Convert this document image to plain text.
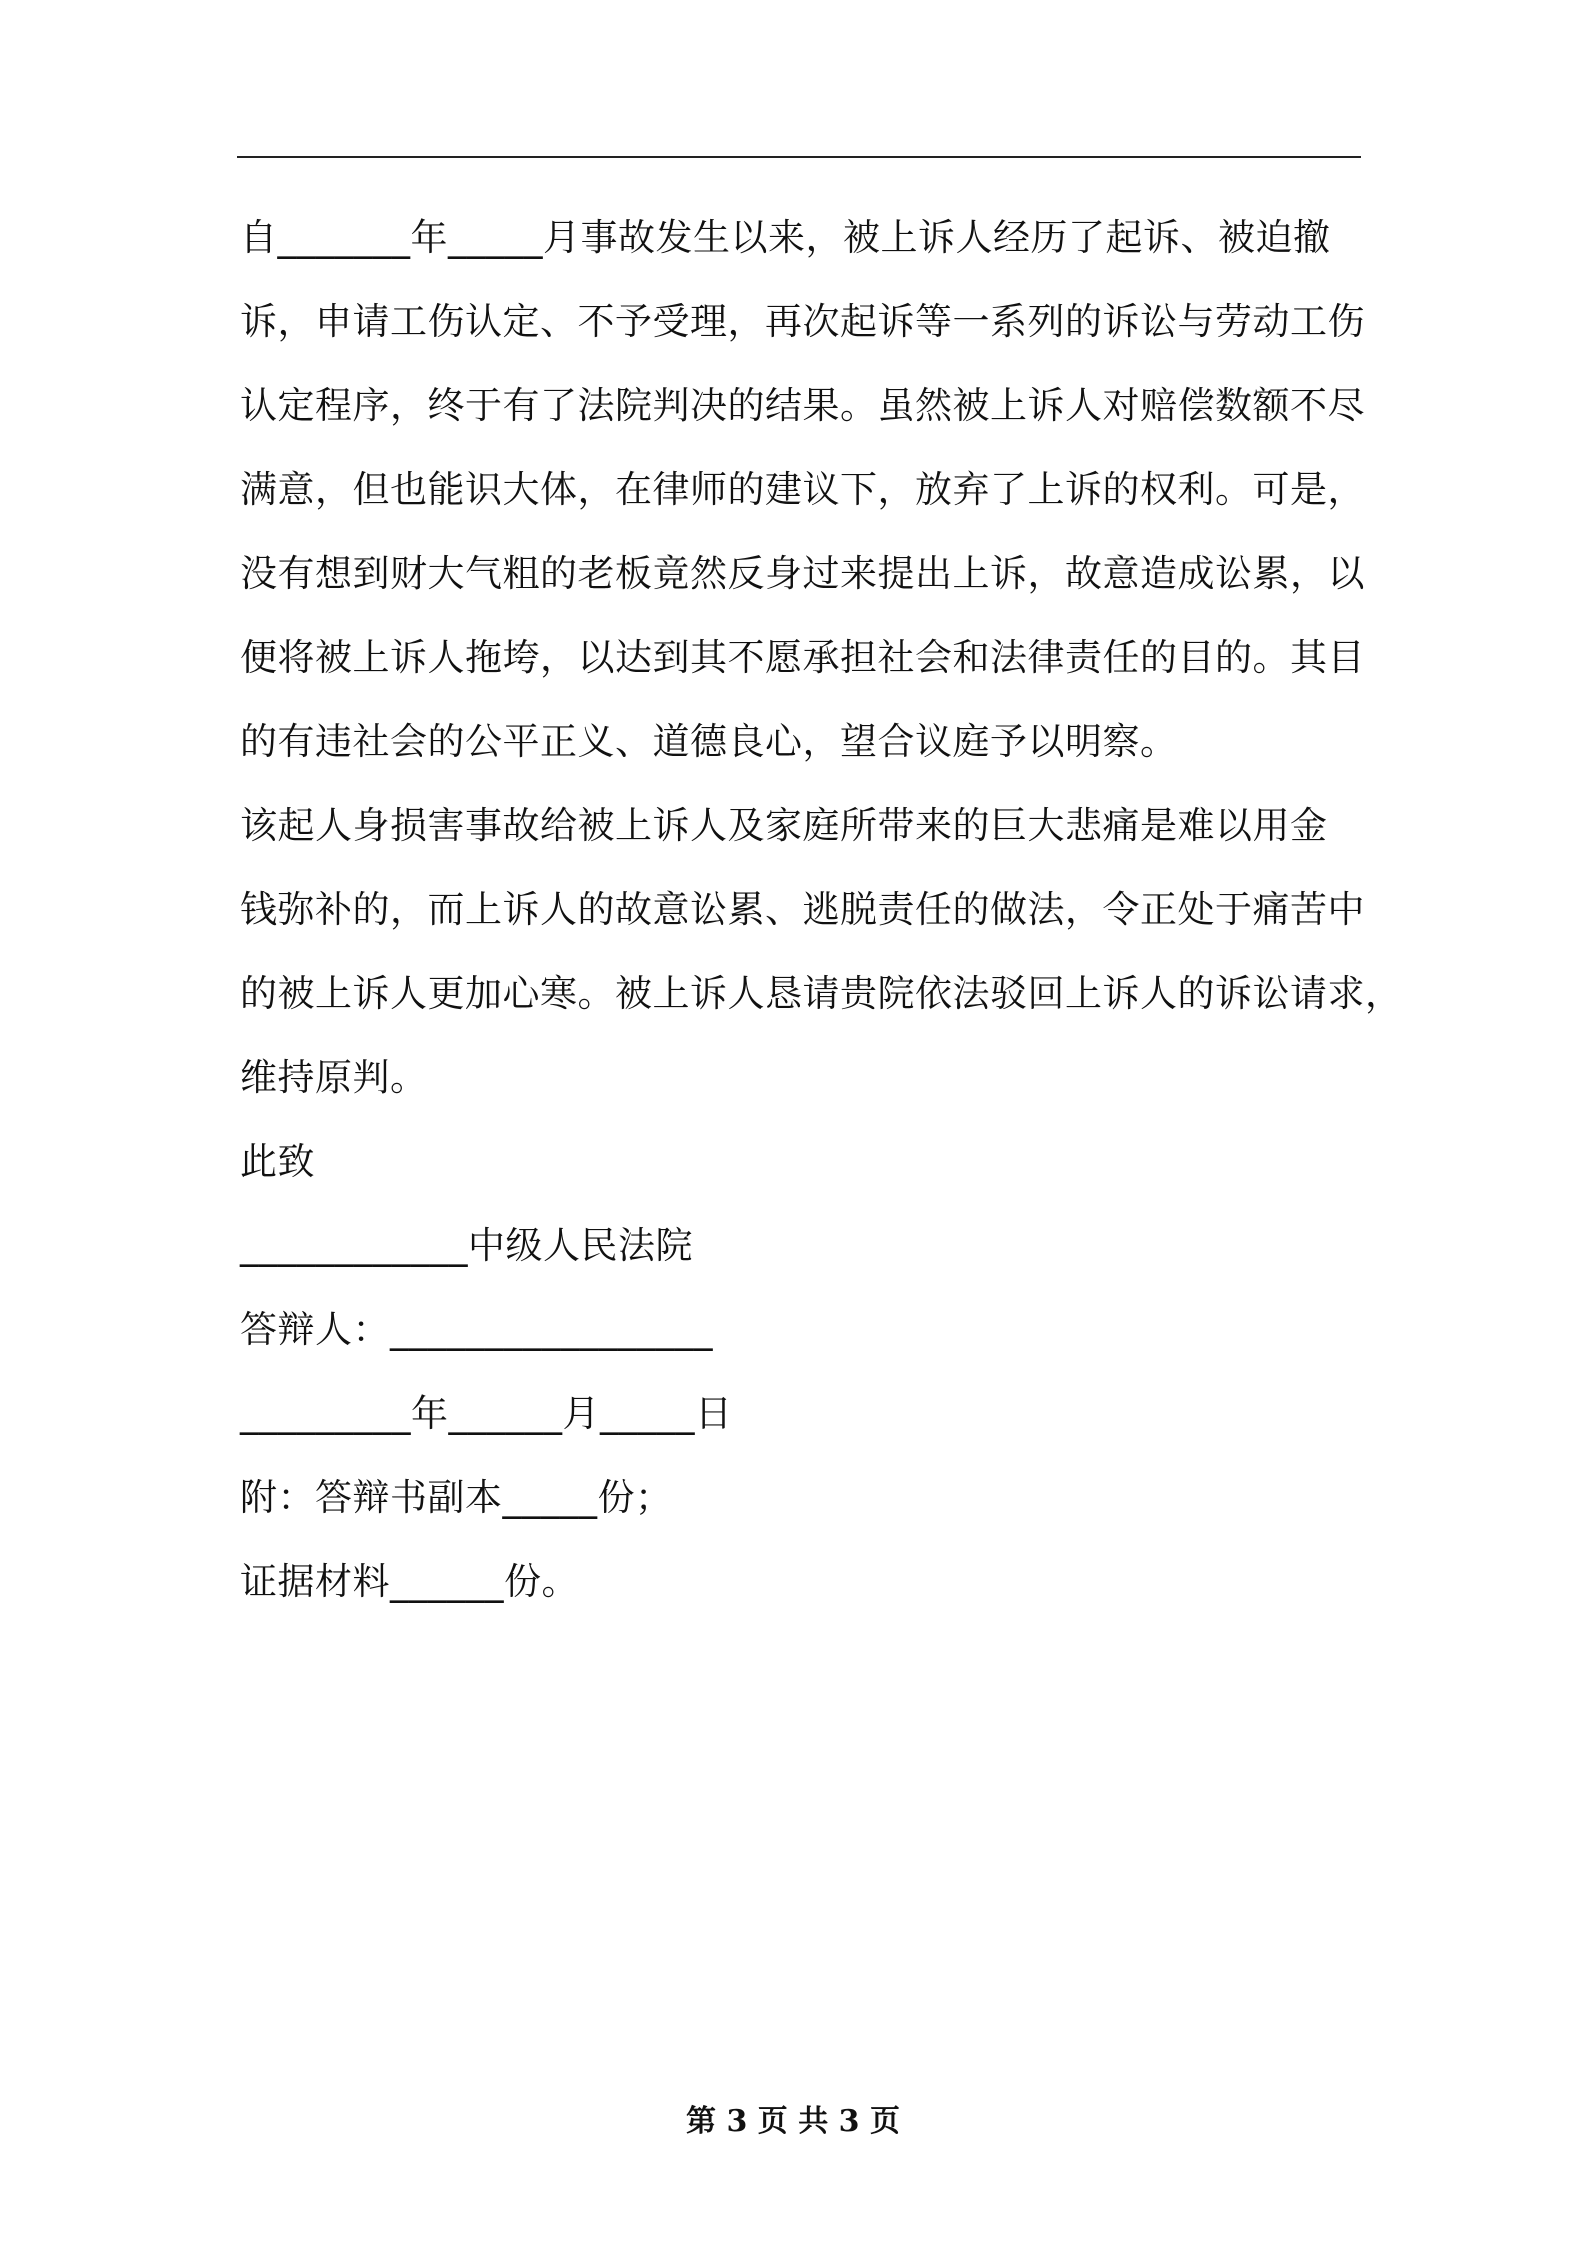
自_______年_____月事故发生以来，被上诉人经历了起诉、被迫撤
诉，申请工伤认定、不予受理，再次起诉等一系列的诉讼与劳动工伤
认定程序，终于有了法院判决的结果。虽然被上诉人对赔偿数额不尽
满意，但也能识大体，在律师的建议下，放弃了上诉的权利。可是，
没有想到财大气粗的老板竟然反身过来提出上诉，故意造成讼累，以
便将被上诉人拖垮，以达到其不愿承担社会和法律责任的目的。其目
的有违社会的公平正义、道德良心，望合议庭予以明察。
该起人身损害事故给被上诉人及家庭所带来的巨大悲痛是难以用金
钱弥补的，而上诉人的故意讼累、逃脱责任的做法，令正处于痛苦中
的被上诉人更加心寒。被上诉人恳请贵院依法驳回上诉人的诉讼请求，
维持原判。
此致
____________中级人民法院
答辩人：_________________
_________年______月_____日
附：答辩书副本_____份；
证据材料______份。
第 3 页 共 3 页
